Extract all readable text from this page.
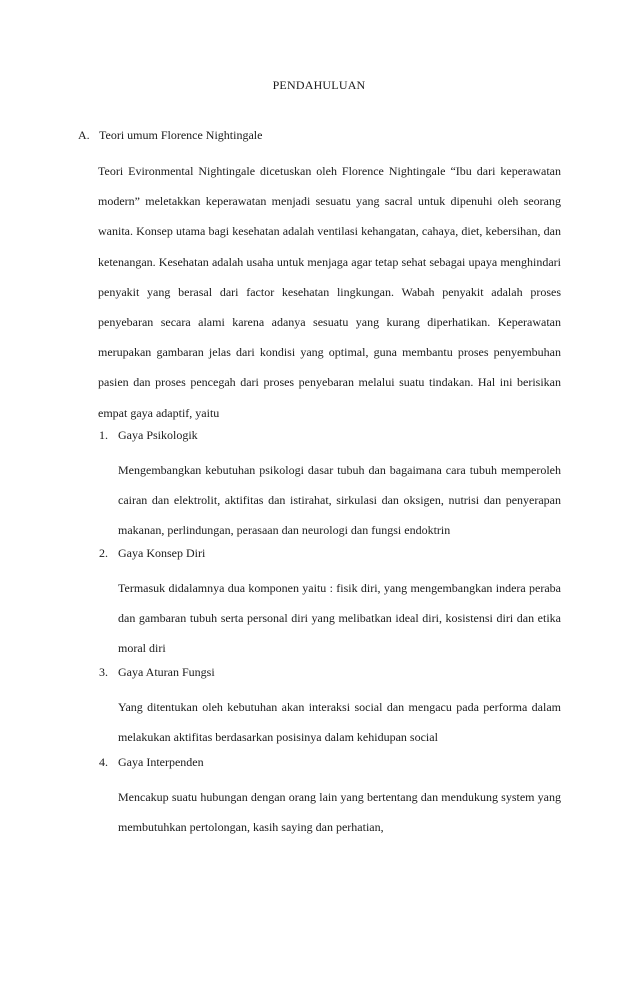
PENDAHULUAN
A. Teori umum Florence Nightingale
Teori Evironmental Nightingale dicetuskan oleh Florence Nightingale “Ibu dari keperawatan modern” meletakkan keperawatan menjadi sesuatu yang sacral untuk dipenuhi oleh seorang wanita. Konsep utama bagi kesehatan adalah ventilasi kehangatan, cahaya, diet, kebersihan, dan ketenangan. Kesehatan adalah usaha untuk menjaga agar tetap sehat sebagai upaya menghindari penyakit yang berasal dari factor kesehatan lingkungan. Wabah penyakit adalah proses penyebaran secara alami karena adanya sesuatu yang kurang diperhatikan. Keperawatan merupakan gambaran jelas dari kondisi yang optimal, guna membantu proses penyembuhan pasien dan proses pencegah dari proses penyebaran melalui suatu tindakan. Hal ini berisikan empat gaya adaptif, yaitu
1. Gaya Psikologik
Mengembangkan kebutuhan psikologi dasar tubuh dan bagaimana cara tubuh memperoleh cairan dan elektrolit, aktifitas dan istirahat, sirkulasi dan oksigen, nutrisi dan penyerapan makanan, perlindungan, perasaan dan neurologi dan fungsi endoktrin
2. Gaya Konsep Diri
Termasuk didalamnya dua komponen yaitu : fisik diri, yang mengembangkan indera peraba dan gambaran tubuh serta personal diri yang melibatkan ideal diri, kosistensi diri dan etika moral diri
3. Gaya Aturan Fungsi
Yang ditentukan oleh kebutuhan akan interaksi social dan mengacu pada performa dalam melakukan aktifitas berdasarkan posisinya dalam kehidupan social
4. Gaya Interpenden
Mencakup suatu hubungan dengan orang lain yang bertentang dan mendukung system yang membutuhkan pertolongan, kasih saying dan perhatian,
